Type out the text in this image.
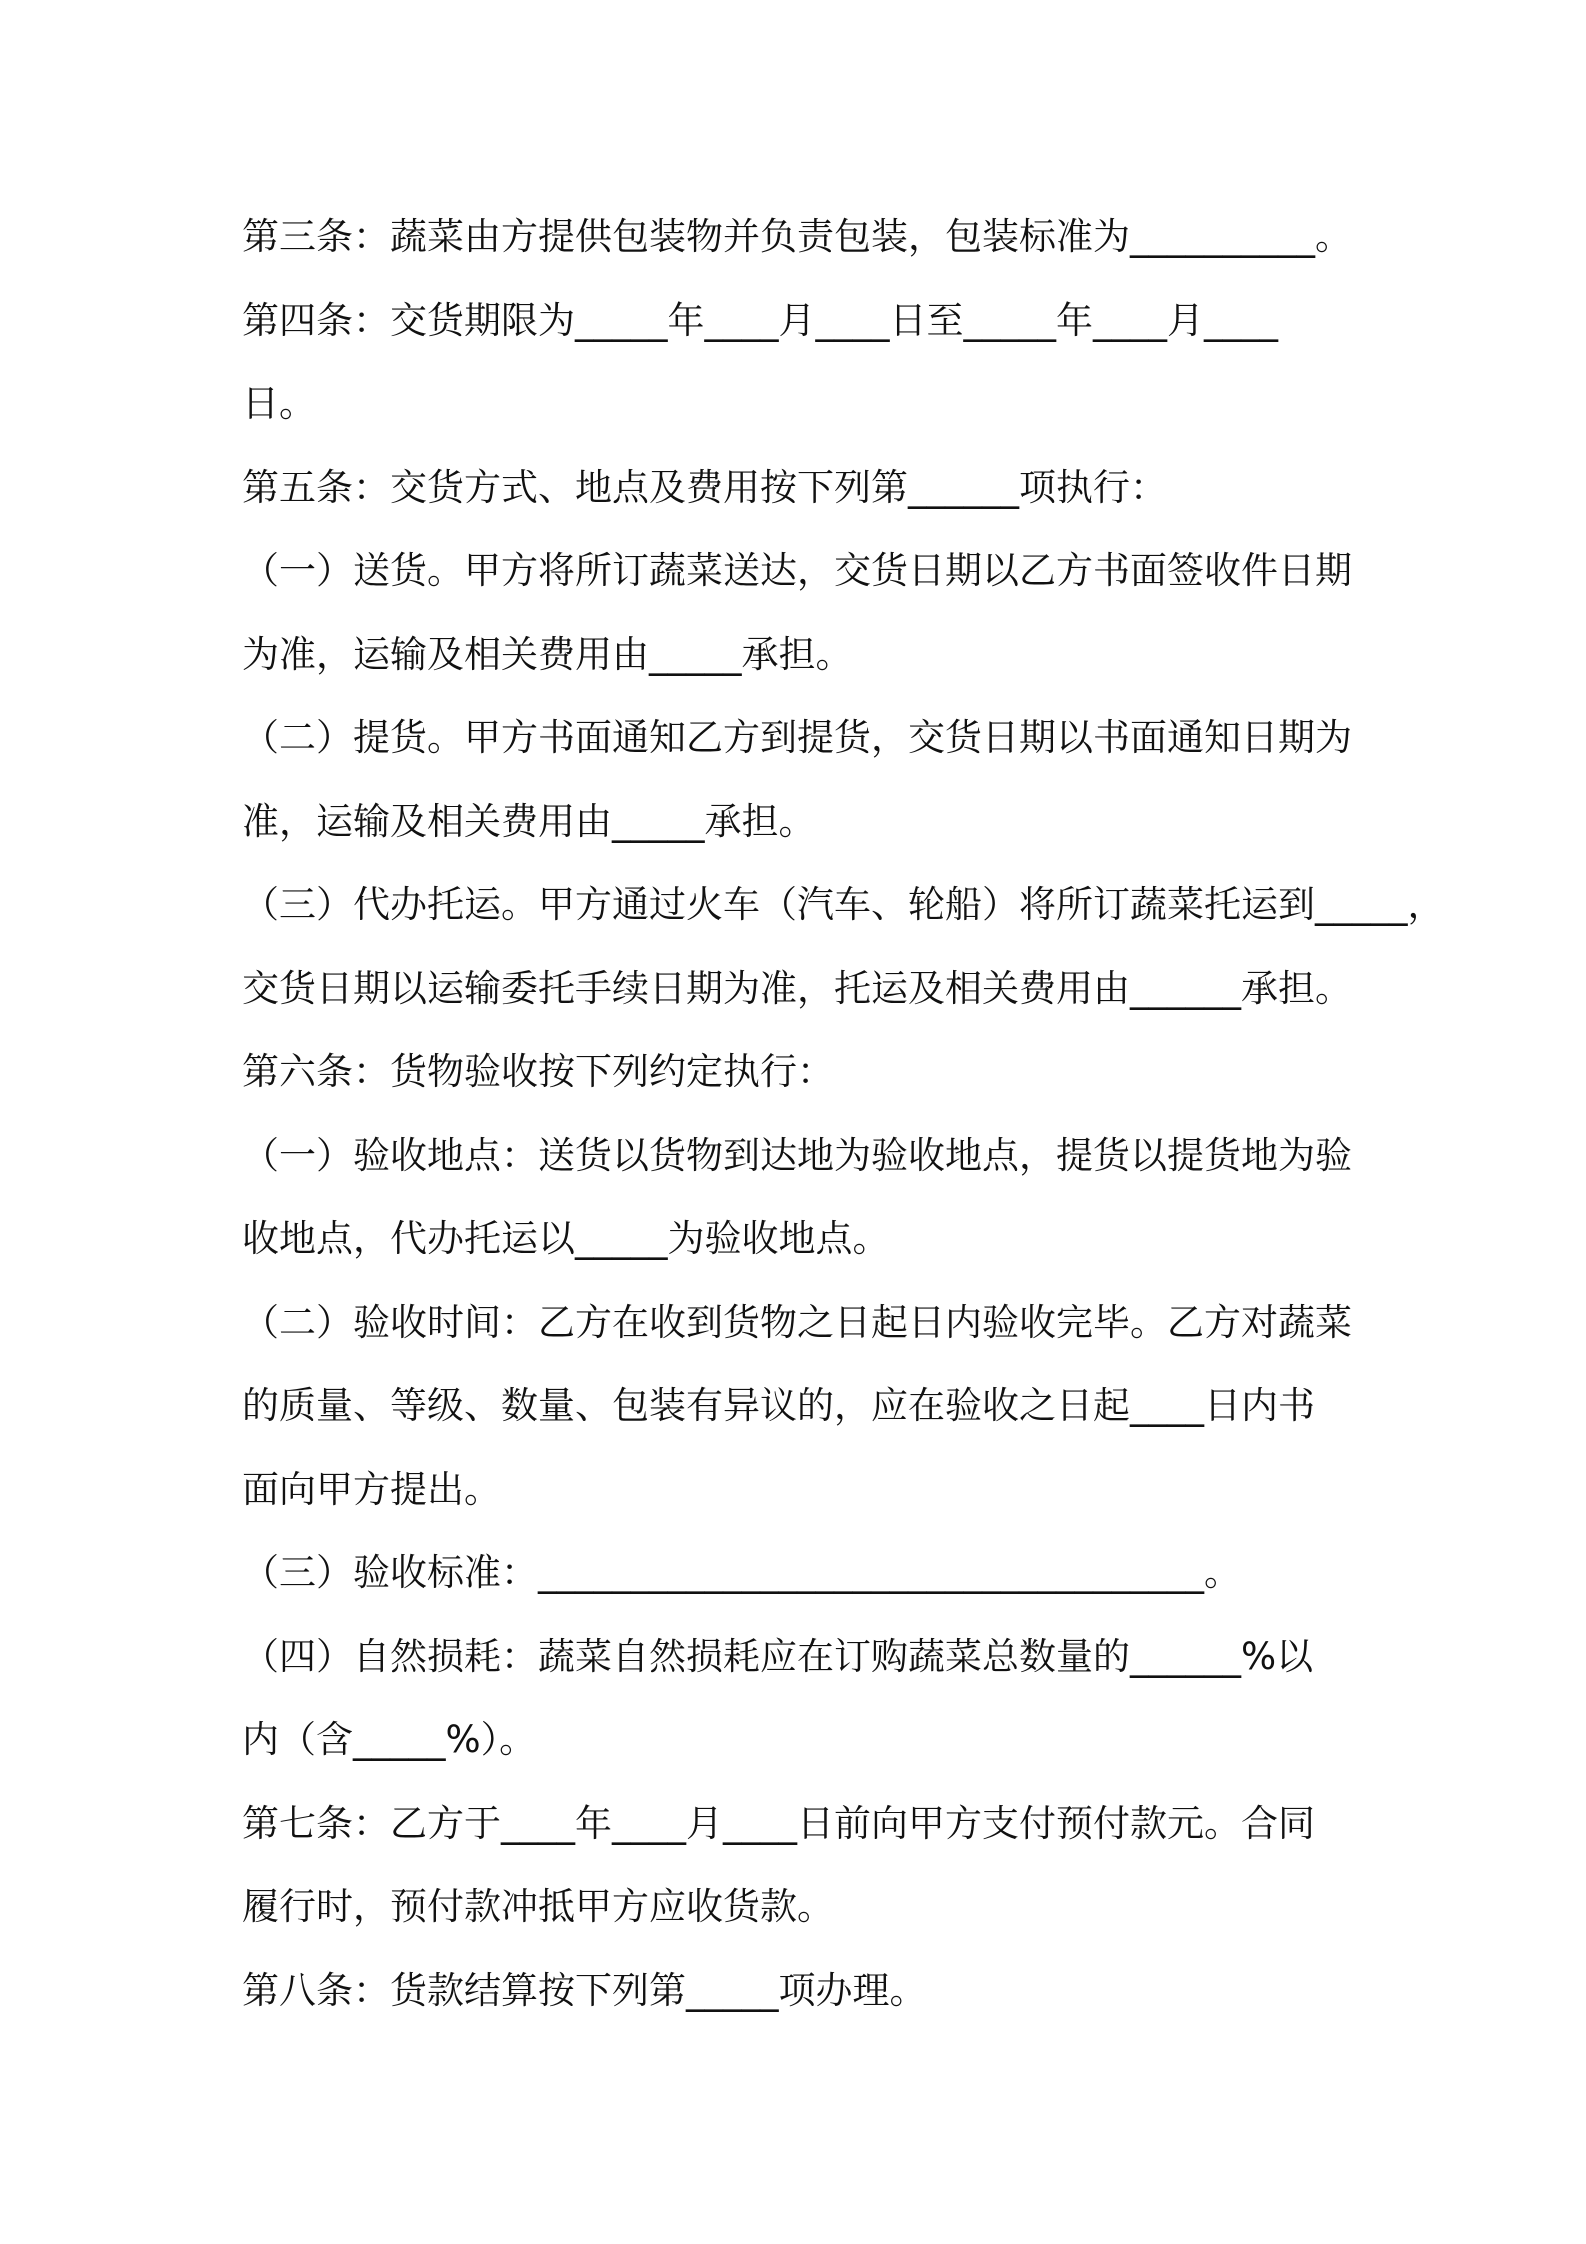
第三条：蔬菜由方提供包装物并负责包装，包装标准为__________。
第四条：交货期限为_____年____月____日至_____年____月____
日。
第五条：交货方式、地点及费用按下列第______项执行：
（一）送货。甲方将所订蔬菜送达，交货日期以乙方书面签收件日期
为准，运输及相关费用由_____承担。
（二）提货。甲方书面通知乙方到提货，交货日期以书面通知日期为
准，运输及相关费用由_____承担。
（三）代办托运。甲方通过火车（汽车、轮船）将所订蔬菜托运到_____，
交货日期以运输委托手续日期为准，托运及相关费用由______承担。
第六条：货物验收按下列约定执行：
（一）验收地点：送货以货物到达地为验收地点，提货以提货地为验
收地点，代办托运以_____为验收地点。
（二）验收时间：乙方在收到货物之日起日内验收完毕。乙方对蔬菜
的质量、等级、数量、包装有异议的，应在验收之日起____日内书
面向甲方提出。
（三）验收标准：____________________________________。
（四）自然损耗：蔬菜自然损耗应在订购蔬菜总数量的______%以
内（含_____%）。
第七条：乙方于____年____月____日前向甲方支付预付款元。合同
履行时，预付款冲抵甲方应收货款。
第八条：货款结算按下列第_____项办理。
